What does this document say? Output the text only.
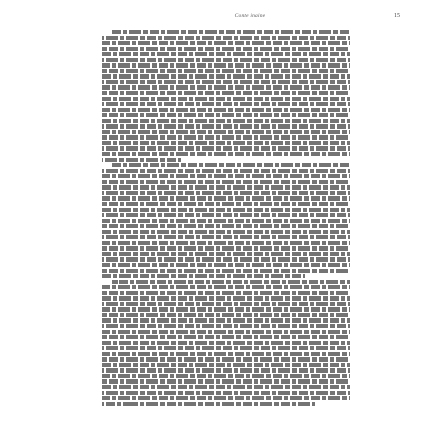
Conte inaine	15
